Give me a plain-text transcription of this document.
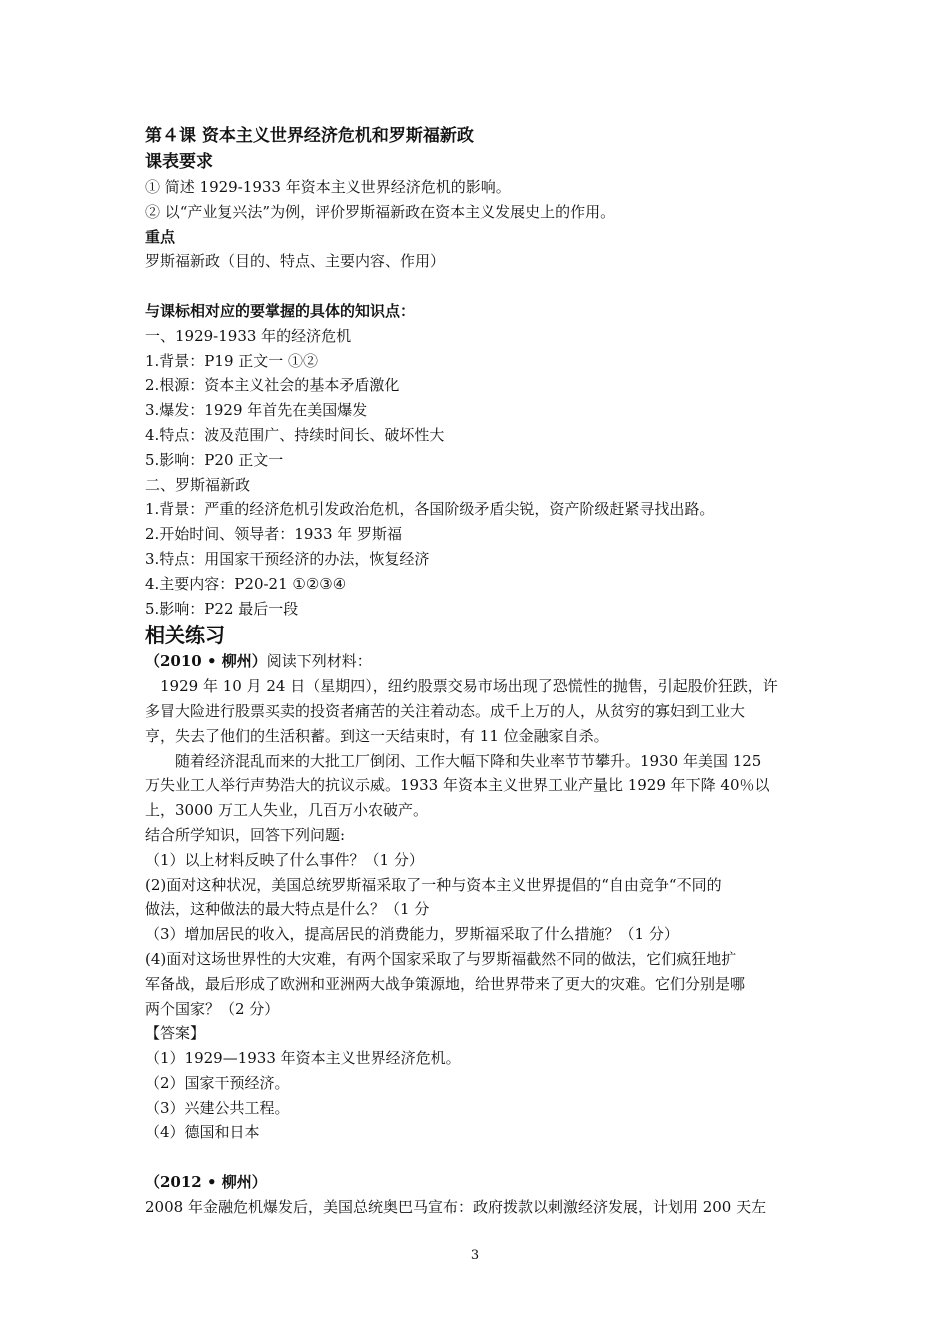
第４课 资本主义世界经济危机和罗斯福新政
课表要求
① 简述 1929-1933 年资本主义世界经济危机的影响。
② 以“产业复兴法”为例，评价罗斯福新政在资本主义发展史上的作用。
重点
罗斯福新政（目的、特点、主要内容、作用）
与课标相对应的要掌握的具体的知识点：
一、1929-1933 年的经济危机
1.背景：P19 正文一 ①②
2.根源：资本主义社会的基本矛盾激化
3.爆发：1929 年首先在美国爆发
4.特点：波及范围广、持续时间长、破坏性大
5.影响：P20 正文一
二、罗斯福新政
1.背景：严重的经济危机引发政治危机，各国阶级矛盾尖锐，资产阶级赶紧寻找出路。
2.开始时间、领导者：1933 年 罗斯福
3.特点：用国家干预经济的办法，恢复经济
4.主要内容：P20-21 ①②③④
5.影响：P22 最后一段
相关练习
（2010 • 柳州）阅读下列材料：
1929 年 10 月 24 日（星期四），纽约股票交易市场出现了恐慌性的抛售，引起股价狂跌，许
多冒大险进行股票买卖的投资者痛苦的关注着动态。成千上万的人，从贫穷的寡妇到工业大
亨，失去了他们的生活积蓄。到这一天结束时，有 11 位金融家自杀。
随着经济混乱而来的大批工厂倒闭、工作大幅下降和失业率节节攀升。1930 年美国 125
万失业工人举行声势浩大的抗议示威。1933 年资本主义世界工业产量比 1929 年下降 40％以
上，3000 万工人失业，几百万小农破产。
结合所学知识，回答下列问题:
（1）以上材料反映了什么事件？（1 分）
(2)面对这种状况，美国总统罗斯福采取了一种与资本主义世界提倡的“自由竞争“不同的
做法，这种做法的最大特点是什么？（1 分
（3）增加居民的收入，提高居民的消费能力，罗斯福采取了什么措施？（1 分）
(4)面对这场世界性的大灾难，有两个国家采取了与罗斯福截然不同的做法，它们疯狂地扩
军备战，最后形成了欧洲和亚洲两大战争策源地，给世界带来了更大的灾难。它们分别是哪
两个国家？（2 分）
【答案】
（1）1929—1933 年资本主义世界经济危机。
（2）国家干预经济。
（3）兴建公共工程。
（4）德国和日本
（2012 • 柳州）
2008 年金融危机爆发后，美国总统奥巴马宣布：政府拨款以刺激经济发展，计划用 200 天左
3
